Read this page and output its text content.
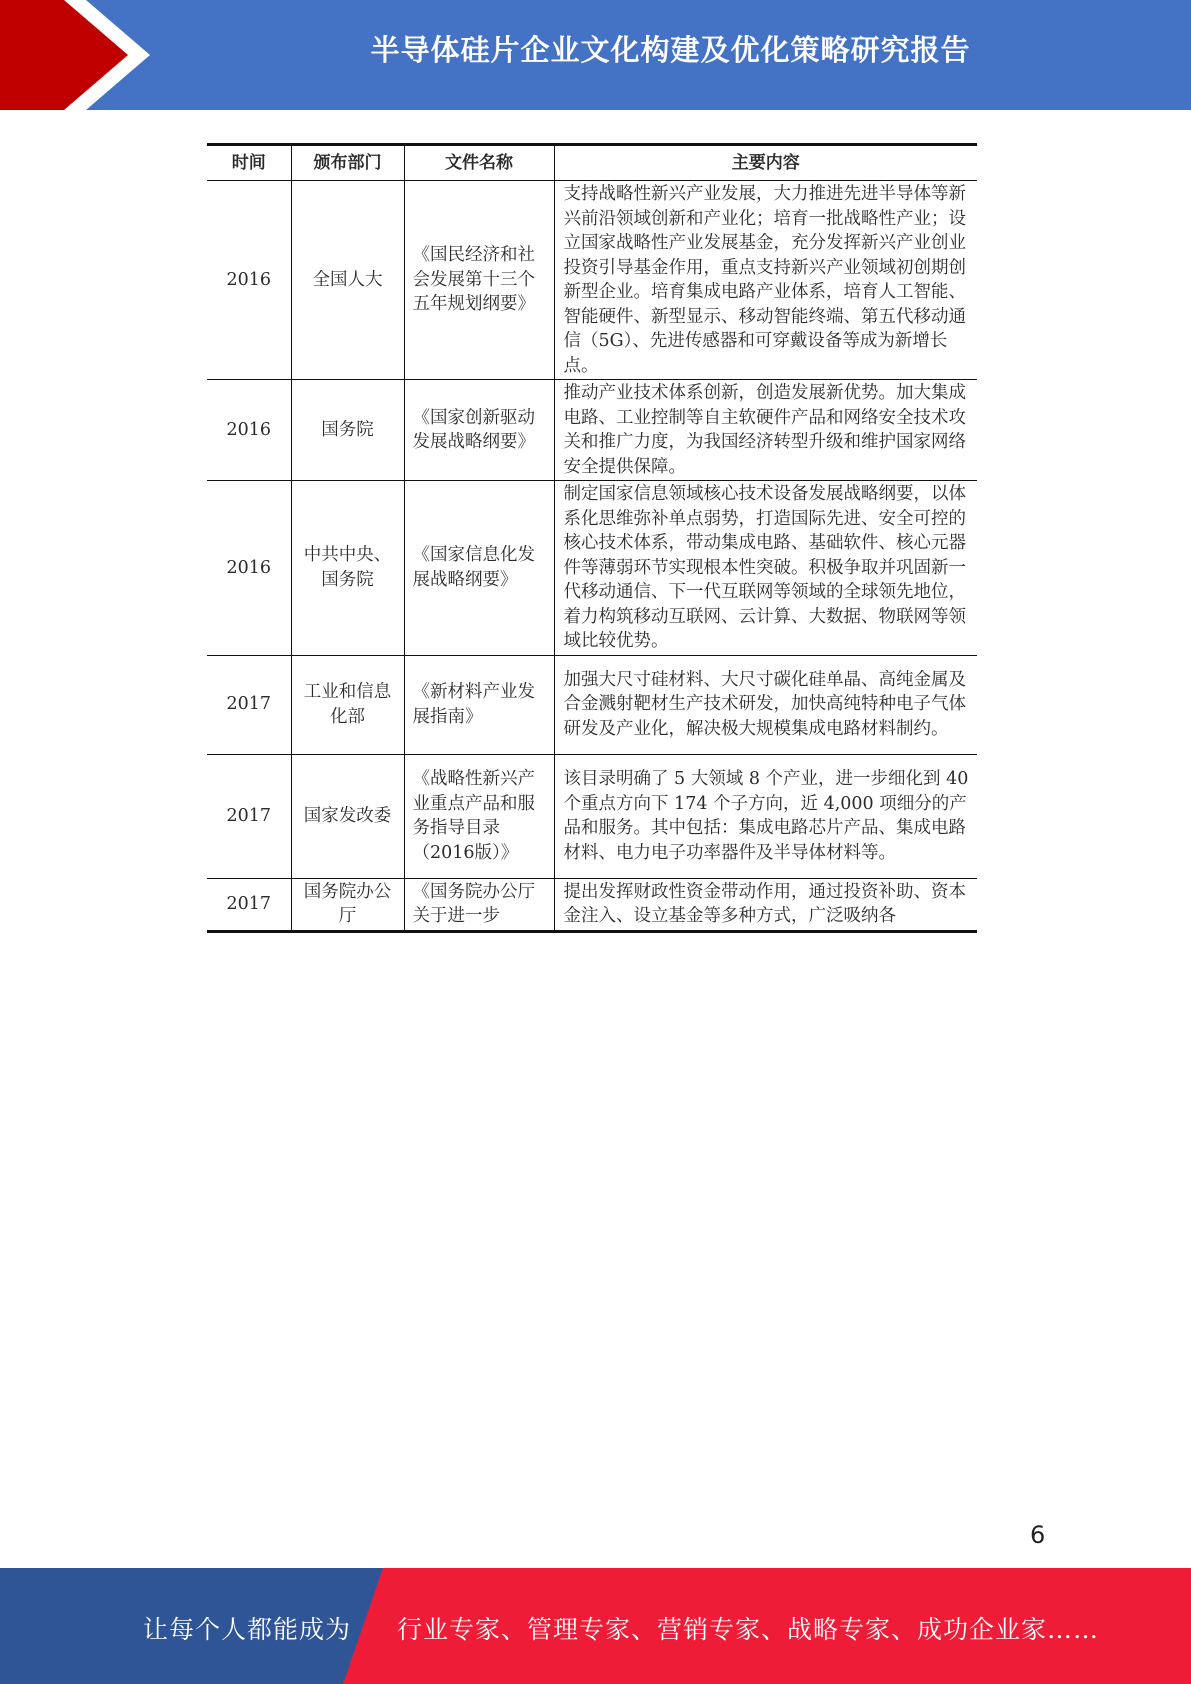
半导体硅片企业文化构建及优化策略研究报告
时间	颁布部门	文件名称	主要内容
2016	全国人大	《国民经济和社会发展第十三个五年规划纲要》	支持战略性新兴产业发展，大力推进先进半导体等新兴前沿领域创新和产业化；培育一批战略性产业；设立国家战略性产业发展基金，充分发挥新兴产业创业投资引导基金作用，重点支持新兴产业领域初创期创新型企业。培育集成电路产业体系，培育人工智能、智能硬件、新型显示、移动智能终端、第五代移动通信（5G）、先进传感器和可穿戴设备等成为新增长点。
2016	国务院	《国家创新驱动发展战略纲要》	推动产业技术体系创新，创造发展新优势。加大集成电路、工业控制等自主软硬件产品和网络安全技术攻关和推广力度，为我国经济转型升级和维护国家网络安全提供保障。
2016	中共中央、国务院	《国家信息化发展战略纲要》	制定国家信息领域核心技术设备发展战略纲要，以体系化思维弥补单点弱势，打造国际先进、安全可控的核心技术体系，带动集成电路、基础软件、核心元器件等薄弱环节实现根本性突破。积极争取并巩固新一代移动通信、下一代互联网等领域的全球领先地位，着力构筑移动互联网、云计算、大数据、物联网等领域比较优势。
2017	工业和信息化部	《新材料产业发展指南》	加强大尺寸硅材料、大尺寸碳化硅单晶、高纯金属及合金溅射靶材生产技术研发，加快高纯特种电子气体研发及产业化，解决极大规模集成电路材料制约。
2017	国家发改委	《战略性新兴产业重点产品和服务指导目录（2016版）》	该目录明确了 5 大领域 8 个产业，进一步细化到 40 个重点方向下 174 个子方向，近 4,000 项细分的产品和服务。其中包括：集成电路芯片产品、集成电路材料、电力电子功率器件及半导体材料等。
2017	国务院办公厅	《国务院办公厅关于进一步	提出发挥财政性资金带动作用，通过投资补助、资本金注入、设立基金等多种方式，广泛吸纳各
6
让每个人都能成为 行业专家、管理专家、营销专家、战略专家、成功企业家……
